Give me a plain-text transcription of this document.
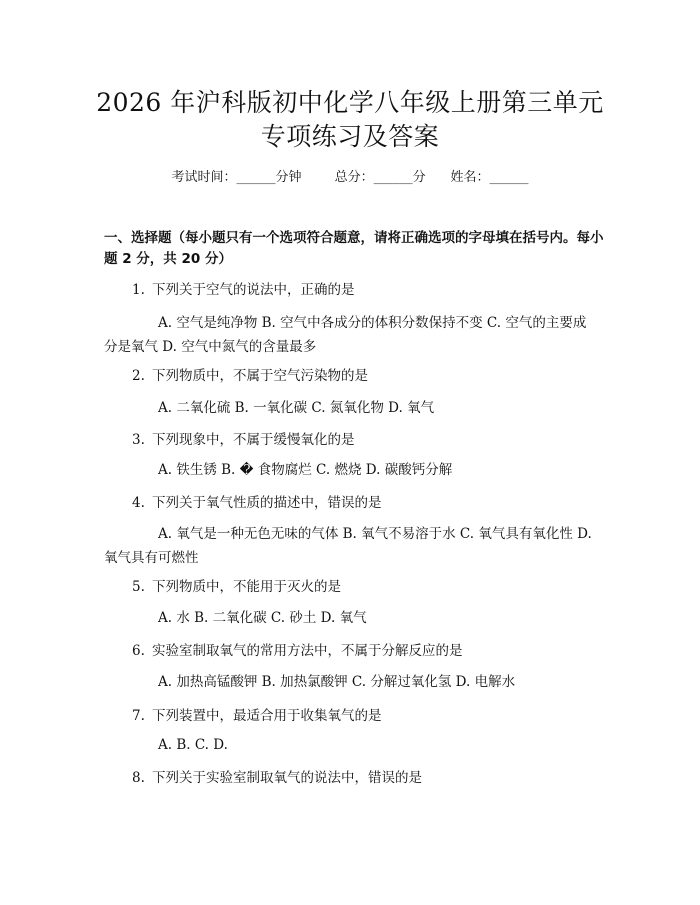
2026 年沪科版初中化学八年级上册第三单元
专项练习及答案
考试时间：______分钟	总分：______分 姓名：______
一、选择题（每小题只有一个选项符合题意，请将正确选项的字母填在括号内。每小题 2 分，共 20 分）
1. 下列关于空气的说法中，正确的是
A. 空气是纯净物 B. 空气中各成分的体积分数保持不变 C. 空气的主要成分是氧气 D. 空气中氮气的含量最多
2. 下列物质中，不属于空气污染物的是
A. 二氧化硫 B. 一氧化碳 C. 氮氧化物 D. 氧气
3. 下列现象中，不属于缓慢氧化的是
A. 铁生锈 B. � 食物腐烂 C. 燃烧 D. 碳酸钙分解
4. 下列关于氧气性质的描述中，错误的是
A. 氧气是一种无色无味的气体 B. 氧气不易溶于水 C. 氧气具有氧化性 D. 氧气具有可燃性
5. 下列物质中，不能用于灭火的是
A. 水 B. 二氧化碳 C. 砂土 D. 氧气
6. 实验室制取氧气的常用方法中，不属于分解反应的是
A. 加热高锰酸钾 B. 加热氯酸钾 C. 分解过氧化氢 D. 电解水
7. 下列装置中，最适合用于收集氧气的是
A. B. C. D.
8. 下列关于实验室制取氧气的说法中，错误的是
